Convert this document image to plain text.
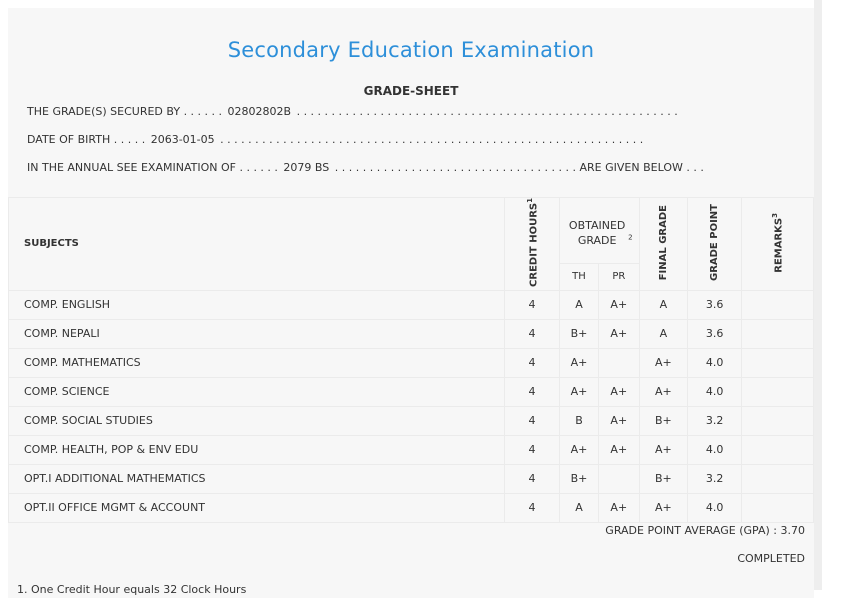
Secondary Education Examination
GRADE-SHEET
THE GRADE(S) SECURED BY . . . . . . 02802802B . . . . . . . . . . . . . . . . . . . . . . . . . . . . . . . . . . . . . . . . . . . . . . . . . . . . . . .
DATE OF BIRTH . . . . . 2063-01-05 . . . . . . . . . . . . . . . . . . . . . . . . . . . . . . . . . . . . . . . . . . . . . . . . . . . . . . . . . . . . .
IN THE ANNUAL SEE EXAMINATION OF . . . . . . 2079 BS . . . . . . . . . . . . . . . . . . . . . . . . . . . . . . . . . . . ARE GIVEN BELOW . . .
SUBJECTS	CREDIT HOURS$^1$	OBTAINED GRADE $^2$		FINAL GRADE	GRADE POINT	REMARKS$^3$
		TH	PR			
COMP. ENGLISH	4	A	A+	A	3.6	
COMP. NEPALI	4	B+	A+	A	3.6	
COMP. MATHEMATICS	4	A+		A+	4.0	
COMP. SCIENCE	4	A+	A+	A+	4.0	
COMP. SOCIAL STUDIES	4	B	A+	B+	3.2	
COMP. HEALTH, POP & ENV EDU	4	A+	A+	A+	4.0	
OPT.I ADDITIONAL MATHEMATICS	4	B+		B+	3.2	
OPT.II OFFICE MGMT & ACCOUNT	4	A	A+	A+	4.0	
GRADE POINT AVERAGE (GPA) : 3.70
COMPLETED
1. One Credit Hour equals 32 Clock Hours
